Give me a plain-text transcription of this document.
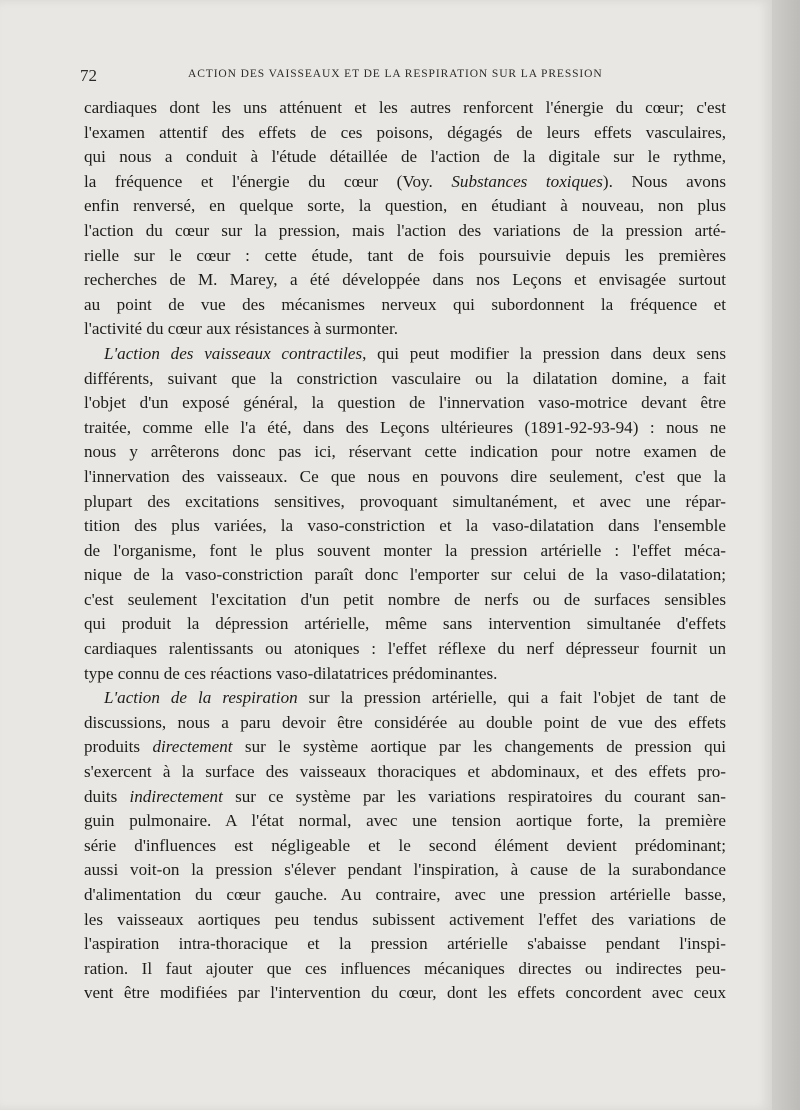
72	ACTION DES VAISSEAUX ET DE LA RESPIRATION SUR LA PRESSION
cardiaques dont les uns atténuent et les autres renforcent l'énergie du cœur; c'est
l'examen attentif des effets de ces poisons, dégagés de leurs effets vasculaires,
qui nous a conduit à l'étude détaillée de l'action de la digitale sur le rythme,
la fréquence et l'énergie du cœur (Voy. Substances toxiques). Nous avons
enfin renversé, en quelque sorte, la question, en étudiant à nouveau, non plus
l'action du cœur sur la pression, mais l'action des variations de la pression arté-
rielle sur le cœur : cette étude, tant de fois poursuivie depuis les premières
recherches de M. Marey, a été développée dans nos Leçons et envisagée surtout
au point de vue des mécanismes nerveux qui subordonnent la fréquence et
l'activité du cœur aux résistances à surmonter.
L'action des vaisseaux contractiles, qui peut modifier la pression dans deux sens
différents, suivant que la constriction vasculaire ou la dilatation domine, a fait
l'objet d'un exposé général, la question de l'innervation vaso-motrice devant être
traitée, comme elle l'a été, dans des Leçons ultérieures (1891-92-93-94) : nous ne
nous y arrêterons donc pas ici, réservant cette indication pour notre examen de
l'innervation des vaisseaux. Ce que nous en pouvons dire seulement, c'est que la
plupart des excitations sensitives, provoquant simultanément, et avec une répar-
tition des plus variées, la vaso-constriction et la vaso-dilatation dans l'ensemble
de l'organisme, font le plus souvent monter la pression artérielle : l'effet méca-
nique de la vaso-constriction paraît donc l'emporter sur celui de la vaso-dilatation;
c'est seulement l'excitation d'un petit nombre de nerfs ou de surfaces sensibles
qui produit la dépression artérielle, même sans intervention simultanée d'effets
cardiaques ralentissants ou atoniques : l'effet réflexe du nerf dépresseur fournit un
type connu de ces réactions vaso-dilatatrices prédominantes.
L'action de la respiration sur la pression artérielle, qui a fait l'objet de tant de
discussions, nous a paru devoir être considérée au double point de vue des effets
produits directement sur le système aortique par les changements de pression qui
s'exercent à la surface des vaisseaux thoraciques et abdominaux, et des effets pro-
duits indirectement sur ce système par les variations respiratoires du courant san-
guin pulmonaire. A l'état normal, avec une tension aortique forte, la première
série d'influences est négligeable et le second élément devient prédominant;
aussi voit-on la pression s'élever pendant l'inspiration, à cause de la surabondance
d'alimentation du cœur gauche. Au contraire, avec une pression artérielle basse,
les vaisseaux aortiques peu tendus subissent activement l'effet des variations de
l'aspiration intra-thoracique et la pression artérielle s'abaisse pendant l'inspi-
ration. Il faut ajouter que ces influences mécaniques directes ou indirectes peu-
vent être modifiées par l'intervention du cœur, dont les effets concordent avec ceux
